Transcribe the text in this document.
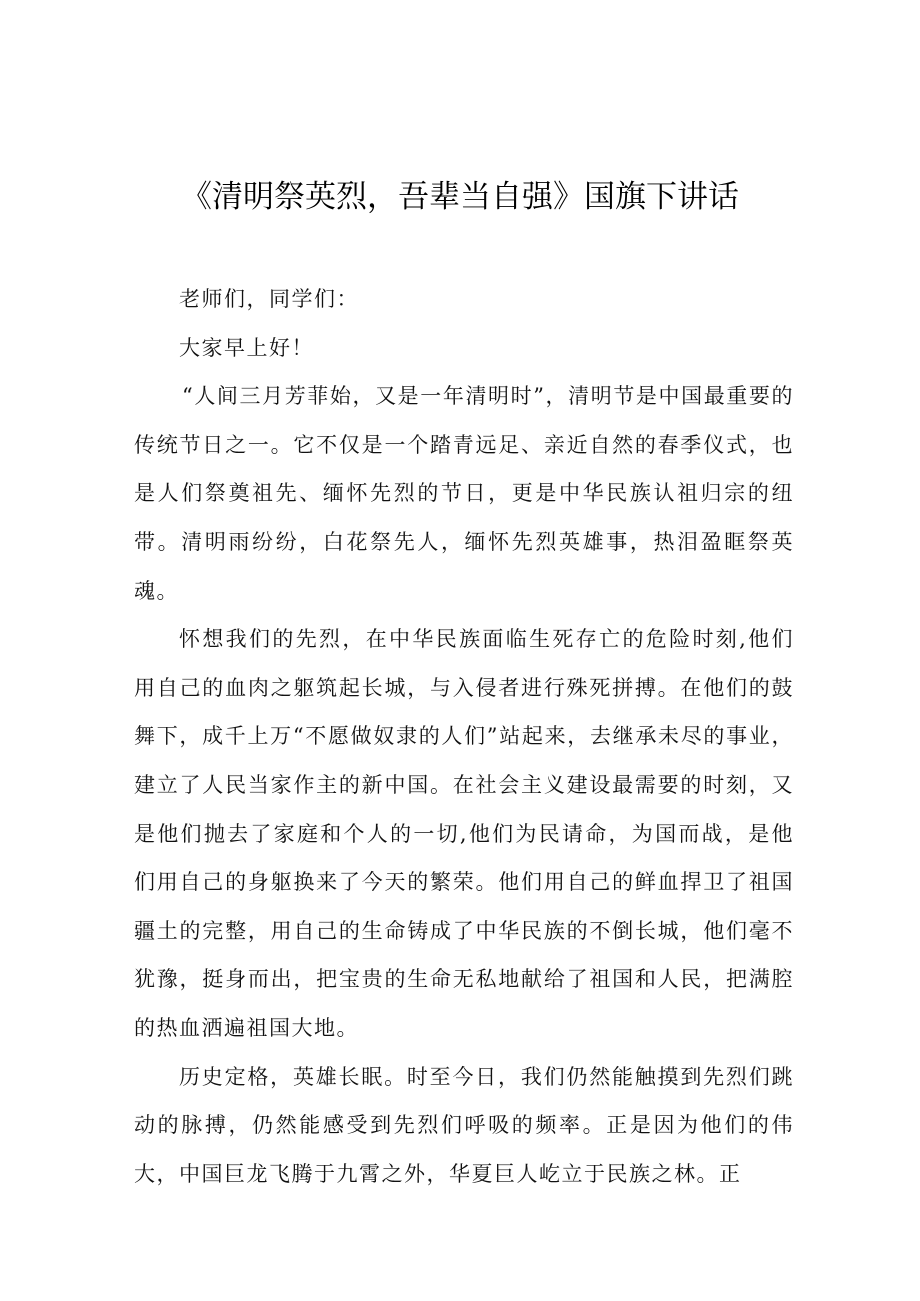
《清明祭英烈，吾辈当自强》国旗下讲话

老师们，同学们：

大家早上好！

“人间三月芳菲始，又是一年清明时”，清明节是中国最重要的传统节日之一。它不仅是一个踏青远足、亲近自然的春季仪式，也是人们祭奠祖先、缅怀先烈的节日，更是中华民族认祖归宗的纽带。清明雨纷纷，白花祭先人，缅怀先烈英雄事，热泪盈眶祭英魂。

怀想我们的先烈，在中华民族面临生死存亡的危险时刻,他们用自己的血肉之躯筑起长城，与入侵者进行殊死拼搏。在他们的鼓舞下，成千上万“不愿做奴隶的人们”站起来，去继承未尽的事业，建立了人民当家作主的新中国。在社会主义建设最需要的时刻，又是他们抛去了家庭和个人的一切,他们为民请命，为国而战，是他们用自己的身躯换来了今天的繁荣。他们用自己的鲜血捍卫了祖国疆土的完整，用自己的生命铸成了中华民族的不倒长城，他们毫不犹豫，挺身而出，把宝贵的生命无私地献给了祖国和人民，把满腔的热血洒遍祖国大地。

历史定格，英雄长眠。时至今日，我们仍然能触摸到先烈们跳动的脉搏，仍然能感受到先烈们呼吸的频率。正是因为他们的伟大，中国巨龙飞腾于九霄之外，华夏巨人屹立于民族之林。正
